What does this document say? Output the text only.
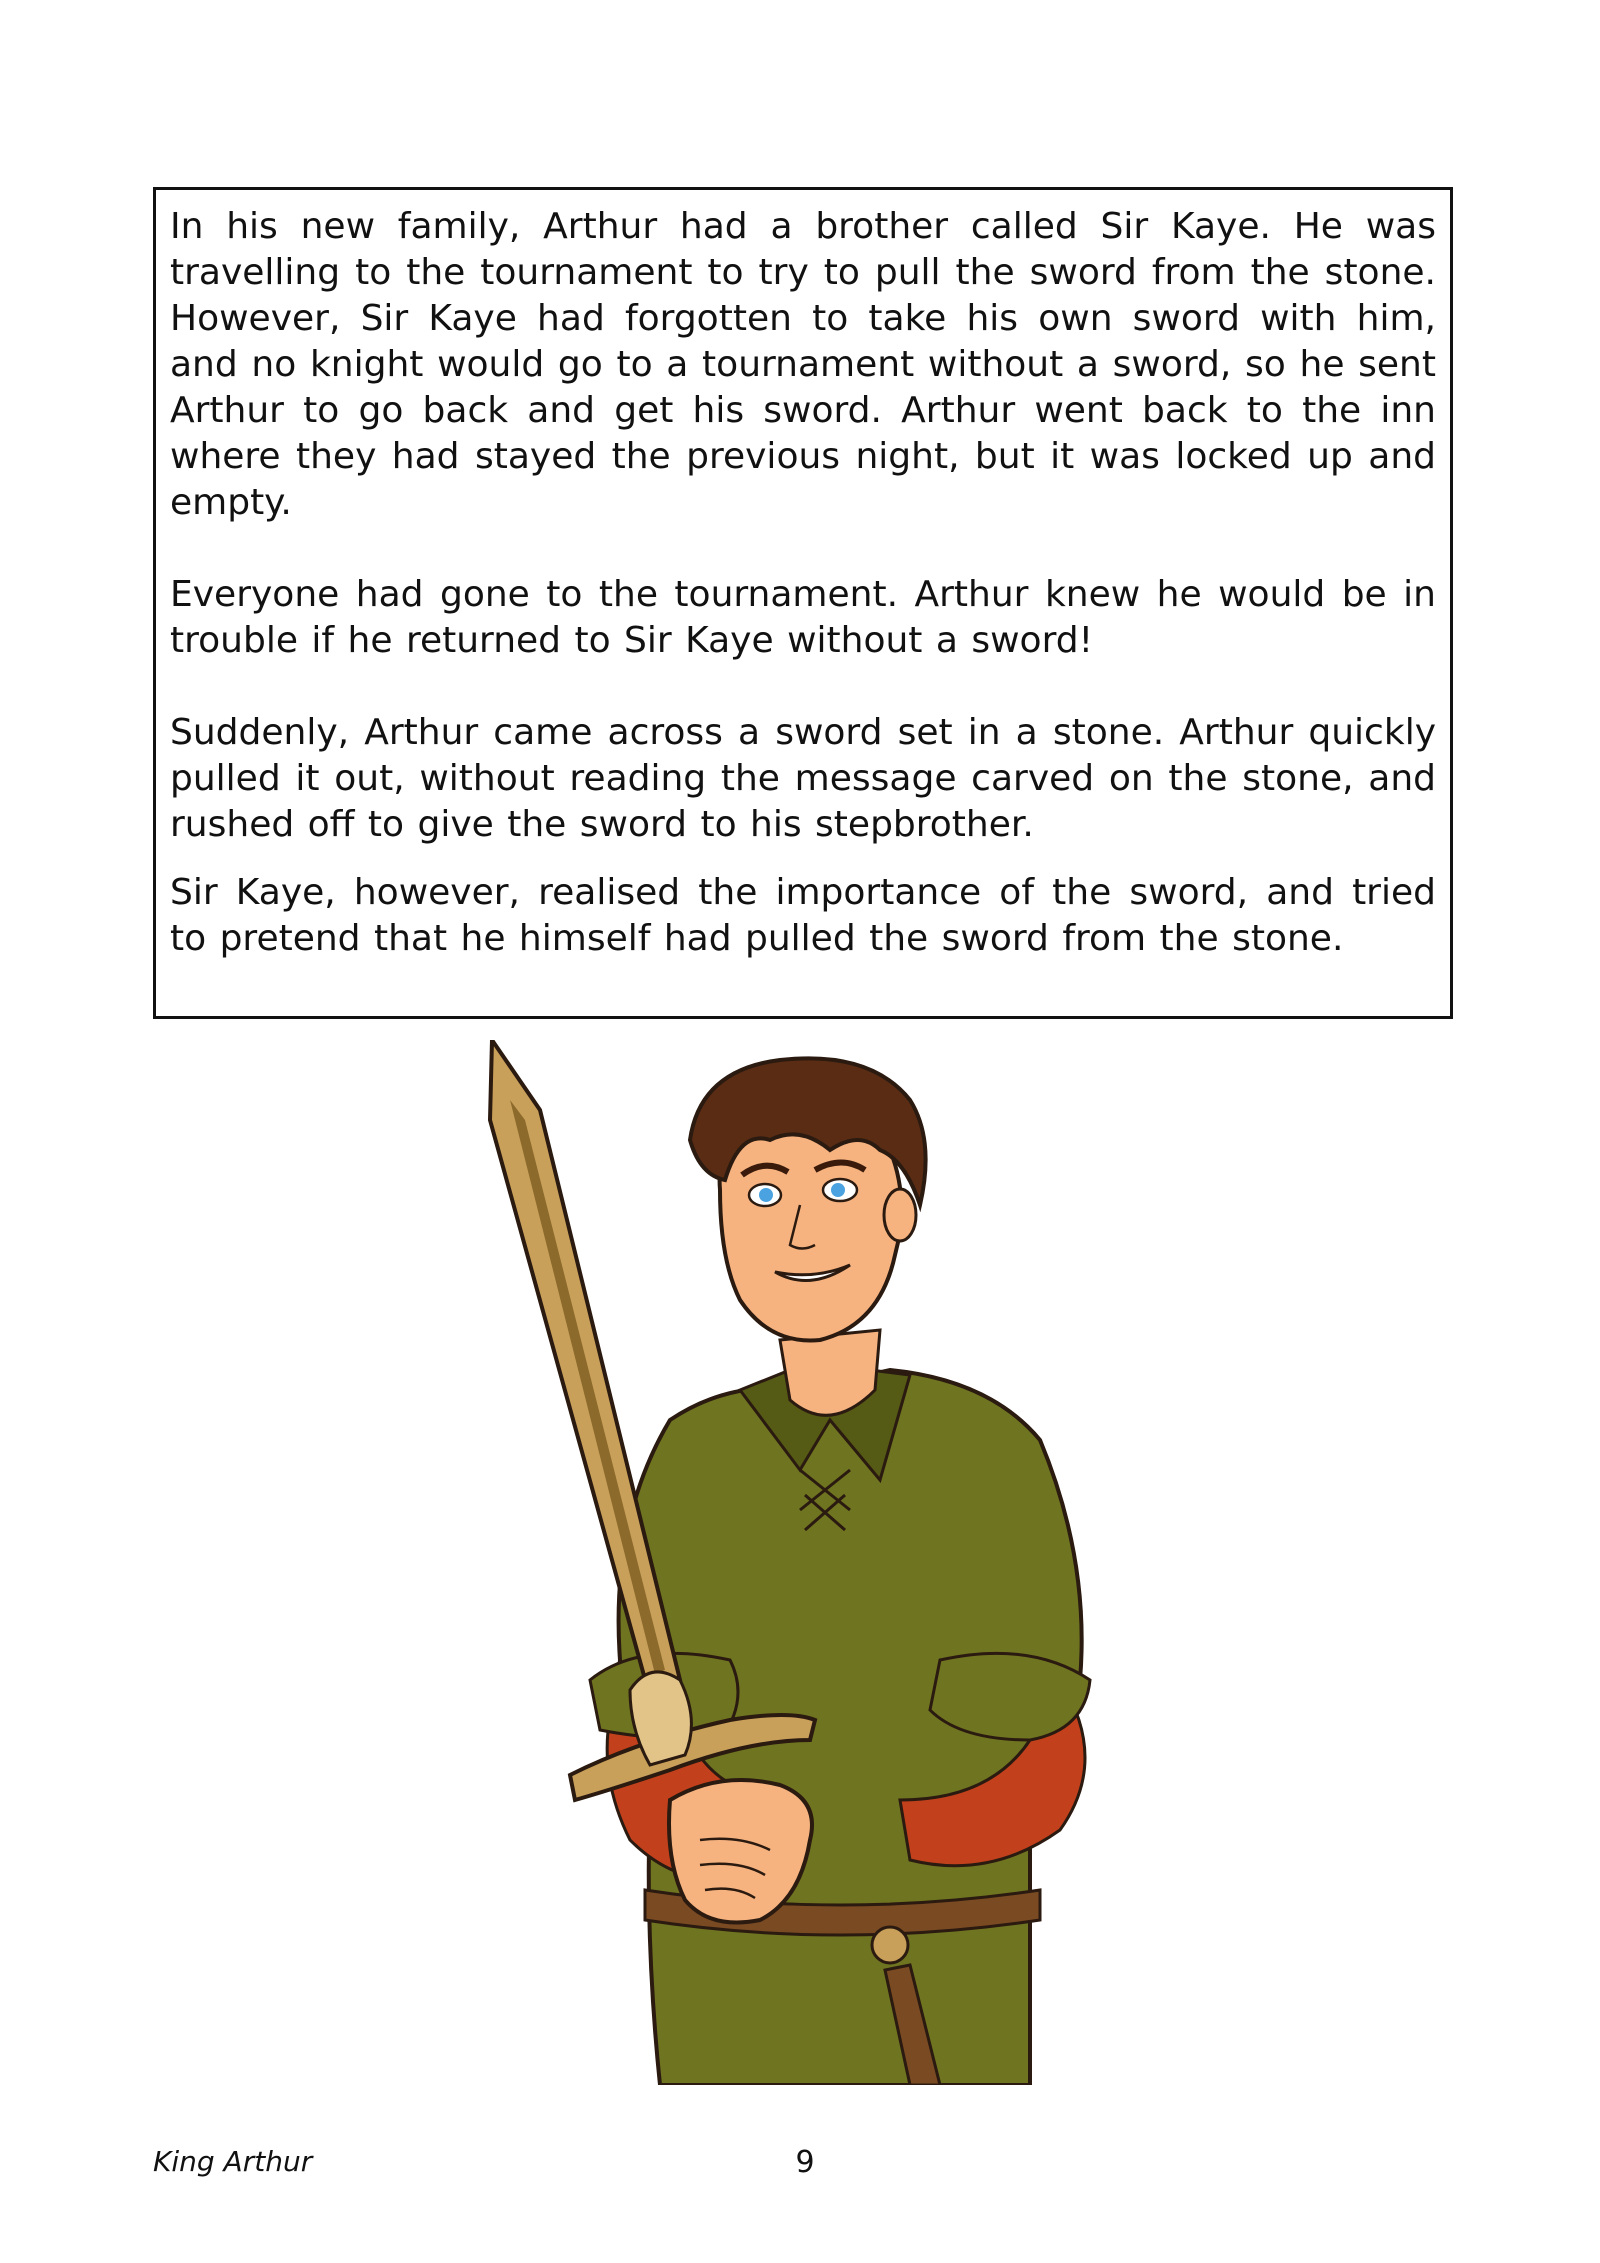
In his new family, Arthur had a brother called Sir Kaye. He was travelling to the tournament to try to pull the sword from the stone. However, Sir Kaye had forgotten to take his own sword with him, and no knight would go to a tournament without a sword, so he sent Arthur to go back and get his sword. Arthur went back to the inn where they had stayed the previous night, but it was locked up and empty.

Everyone had gone to the tournament. Arthur knew he would be in trouble if he returned to Sir Kaye without a sword!

Suddenly, Arthur came across a sword set in a stone. Arthur quickly pulled it out, without reading the message carved on the stone, and rushed off to give the sword to his stepbrother.

Sir Kaye, however, realised the importance of the sword, and tried to pretend that he himself had pulled the sword from the stone.

King Arthur	9
